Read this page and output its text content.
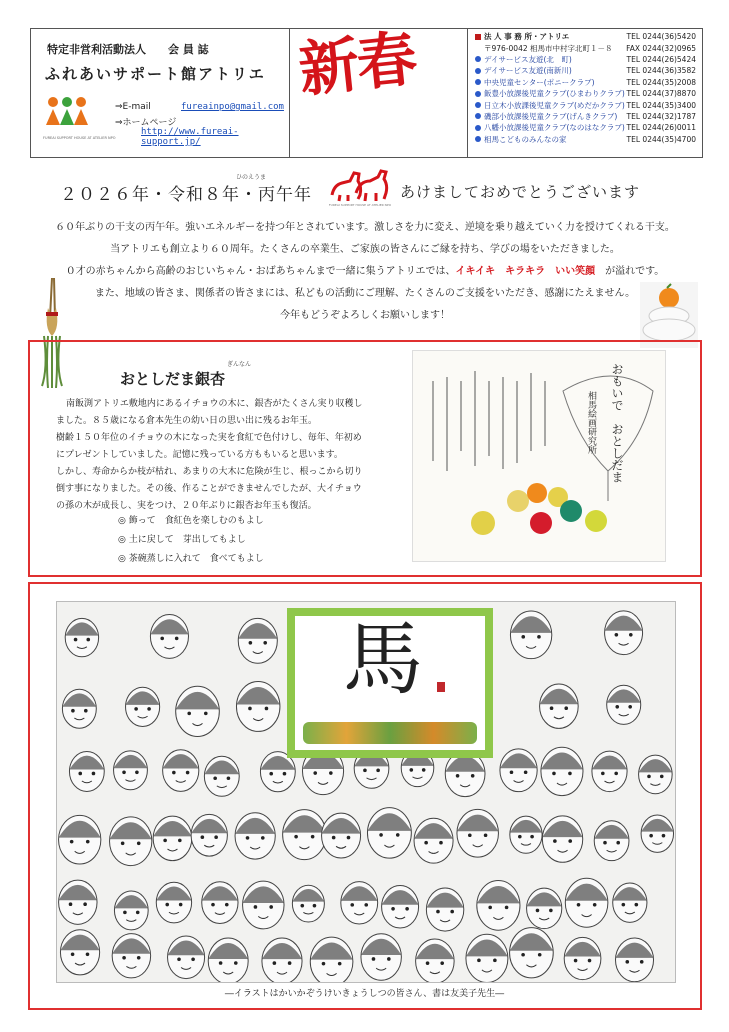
特定非営利活動法人　　会 員 誌
ふれあいサポート館アトリエ
FUREAI SUPPORT HOUSE AT ATELIER NPO
⇒E-mail	fureainpo@gmail.com
⇒ホームページ
http://www.fureai-support.jp/
新春	法 人 事 務 所・アトリエ	TEL 0244(36)5420
〒976-0042 相馬市中村字北町１－８	FAX 0244(32)0965
デイサービス友遊(北　町)	TEL 0244(26)5424
デイサービス友遊(南新川)	TEL 0244(36)3582
中央児童センター(ポニークラブ)	TEL 0244(35)2008
飯豊小放課後児童クラブ(ひまわりクラブ) TEL 0244(37)8870
日立木小放課後児童クラブ(めだかクラブ) TEL 0244(35)3400
磯部小放課後児童クラブ(げんきクラブ)	TEL 0244(32)1787
八幡小放課後児童クラブ(なのはなクラブ) TEL 0244(26)0011
相馬こどものみんなの家	TEL 0244(35)4700
ひのえうま
２０２６年・令和８年・丙午年	FUREAI SUPPORT HOUSE AT ATELIER NPO
あけましておめでとうございます

６０年ぶりの干支の丙午年。強いエネルギーを持つ年とされています。激しさを力に変え、逆境を乗り越えていく力を授けてくれる干支。

当アトリエも創立より６０周年。たくさんの卒業生、ご家族の皆さんにご縁を持ち、学びの場をいただきました。

０才の赤ちゃんから高齢のおじいちゃん・おばあちゃんまで一緒に集うアトリエでは、イキイキ　キラキラ　いい笑顔　 が溢れです。

また、地域の皆さま、関係者の皆さまには、私どもの活動にご理解、たくさんのご支援をいただき、感謝にたえません。

今年もどうぞよろしくお願いします！

ぎんなん
おとしだま銀杏

南飯渕アトリエ敷地内にあるイチョウの木に、銀杏がたくさん実り収穫し

ました。８５歳になる倉本先生の幼い日の思い出に残るお年玉。

樹齢１５０年位のイチョウの木になった実を食紅で色付けし、毎年、年初め

にプレゼントしていました。記憶に残っている方ももいると思います。

しかし、寿命からか枝が枯れ、あまりの大木に危険が生じ、根っこから切り

倒す事になりました。その後、作ることができませんでしたが、大イチョウ

の孫の木が成長し、実をつけ、２０年ぶりに銀杏お年玉も復活。

◎ 飾って　食紅色を楽しむのもよし
◎ 土に戻して　芽出してもよし
◎ 茶碗蒸しに入れて　食べてもよし
おもいで　おとしだま
相馬絵画研究所
馬
―イラストはかいかぞうけいきょうしつの皆さん、書は友美子先生―
